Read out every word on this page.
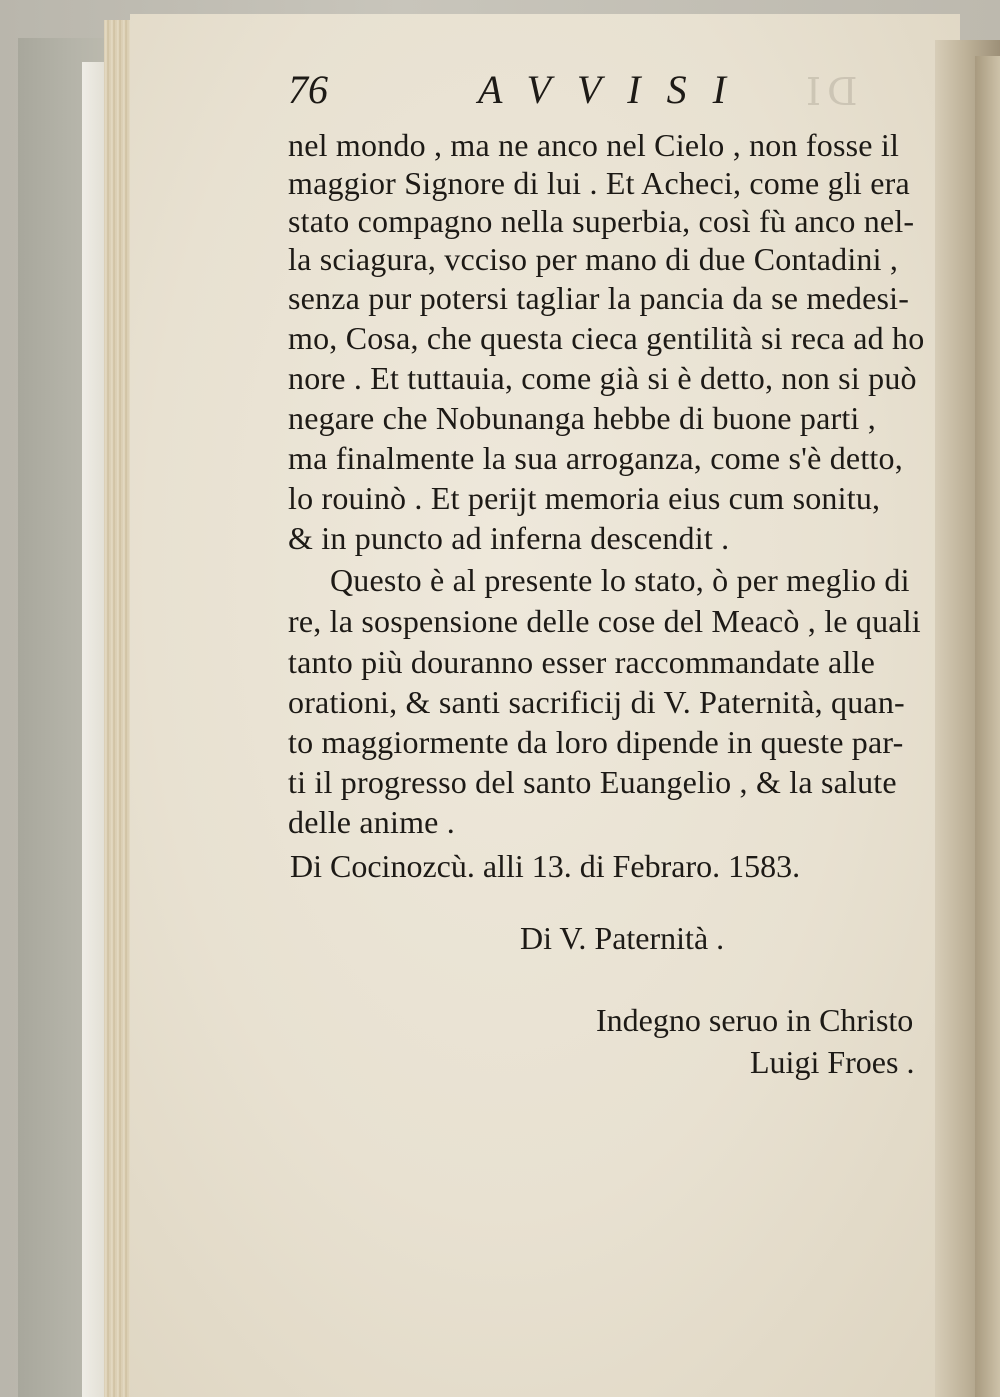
DI
76	AVVISI
nel mondo , ma ne anco nel Cielo , non fosse il
maggior Signore di lui . Et Acheci, come gli era
stato compagno nella superbia, così fù anco nel-
la sciagura, vcciso per mano di due Contadini ,
senza pur potersi tagliar la pancia da se medesi-
mo, Cosa, che questa cieca gentilità si reca ad ho
nore . Et tuttauia, come già si è detto, non si può
negare che Nobunanga hebbe di buone parti ,
ma finalmente la sua arroganza, come s'è detto,
lo rouinò . Et perijt memoria eius cum sonitu,
& in puncto ad inferna descendit .
Questo è al presente lo stato, ò per meglio di
re, la sospensione delle cose del Meacò , le quali
tanto più douranno esser raccommandate alle
orationi, & santi sacrificij di V. Paternità, quan-
to maggiormente da loro dipende in queste par-
ti il progresso del santo Euangelio , & la salute
delle anime .
Di Cocinozcù. alli 13. di Febraro. 1583.
Di V. Paternità .
Indegno seruo in Christo
Luigi Froes .
